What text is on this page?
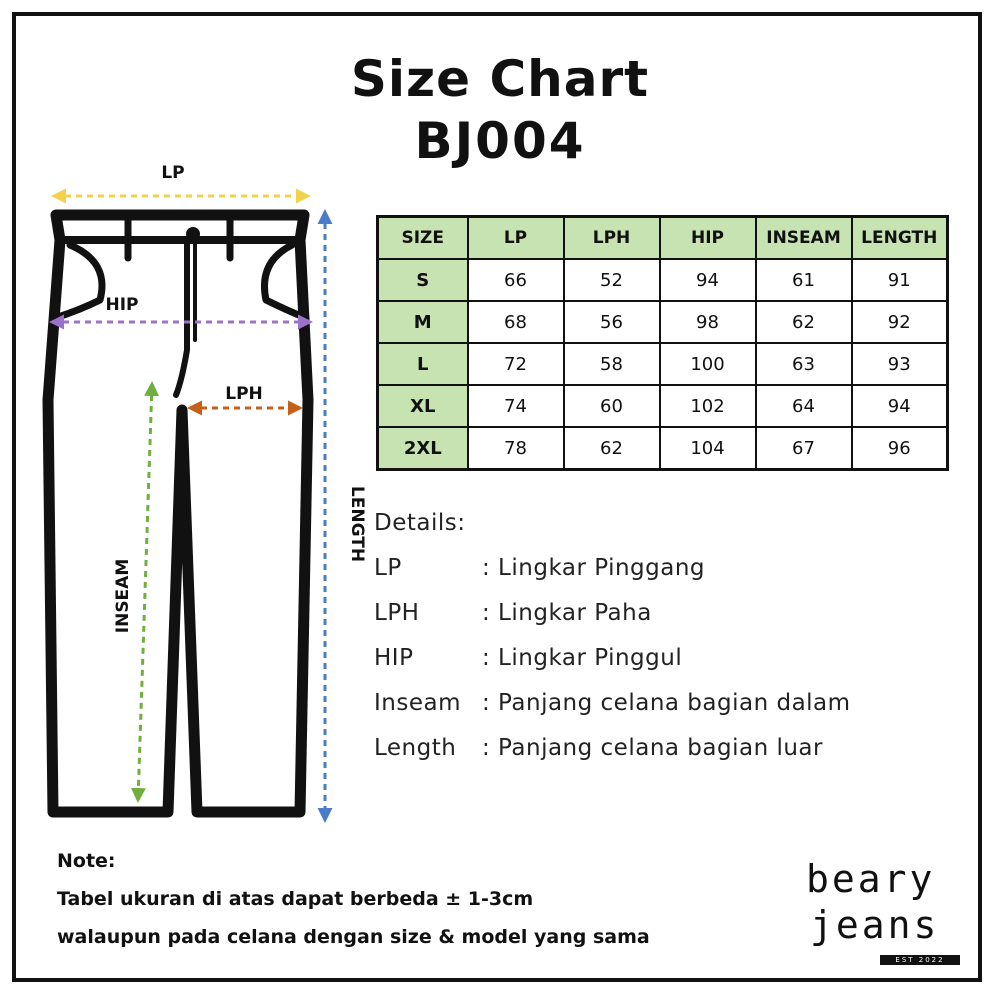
Size Chart
BJ004
LP
HIP
LPH
INSEAM
LENGTH
SIZE	LP	LPH	HIP	INSEAM	LENGTH
S	66	52	94	61	91
M	68	56	98	62	92
L	72	58	100	63	93
XL	74	60	102	64	94
2XL	78	62	104	67	96
Details:
LP	: Lingkar Pinggang
LPH	: Lingkar Paha
HIP	: Lingkar Pinggul
Inseam : Panjang celana bagian dalam
Length	: Panjang celana bagian luar
Note:
Tabel ukuran di atas dapat berbeda ± 1-3cm
walaupun pada celana dengan size & model yang sama
beary
jeans
EST 2022
